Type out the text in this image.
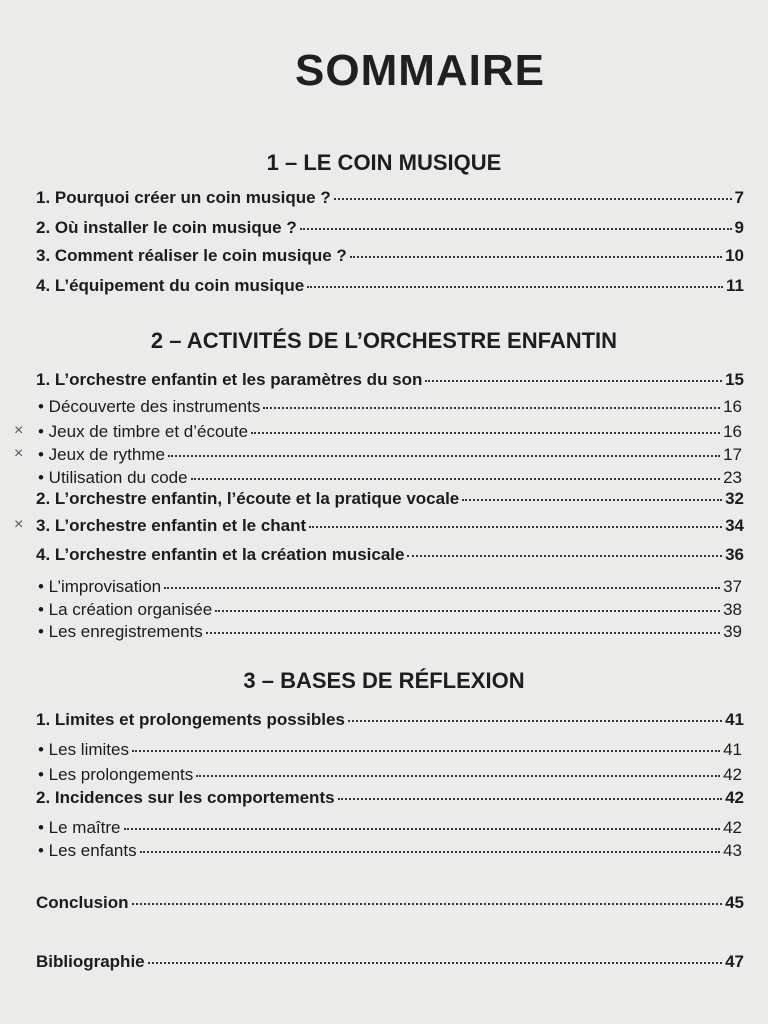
SOMMAIRE
1 – LE COIN MUSIQUE
1. Pourquoi créer un coin musique ?	7
2. Où installer le coin musique ?	9
3. Comment réaliser le coin musique ?	10
4. L’équipement du coin musique	11
2 – ACTIVITÉS DE L’ORCHESTRE ENFANTIN
1. L’orchestre enfantin et les paramètres du son	15
• Découverte des instruments	16
• Jeux de timbre et d’écoute	16
×
• Jeux de rythme	17
×
• Utilisation du code	23
2. L’orchestre enfantin, l’écoute et la pratique vocale	32
3. L’orchestre enfantin et le chant	34
×
4. L’orchestre enfantin et la création musicale	36
• L’improvisation	37
• La création organisée	38
• Les enregistrements	39
3 – BASES DE RÉFLEXION
1. Limites et prolongements possibles	41
• Les limites	41
• Les prolongements	42
2. Incidences sur les comportements	42
• Le maître	42
• Les enfants	43
Conclusion	45
Bibliographie	47
